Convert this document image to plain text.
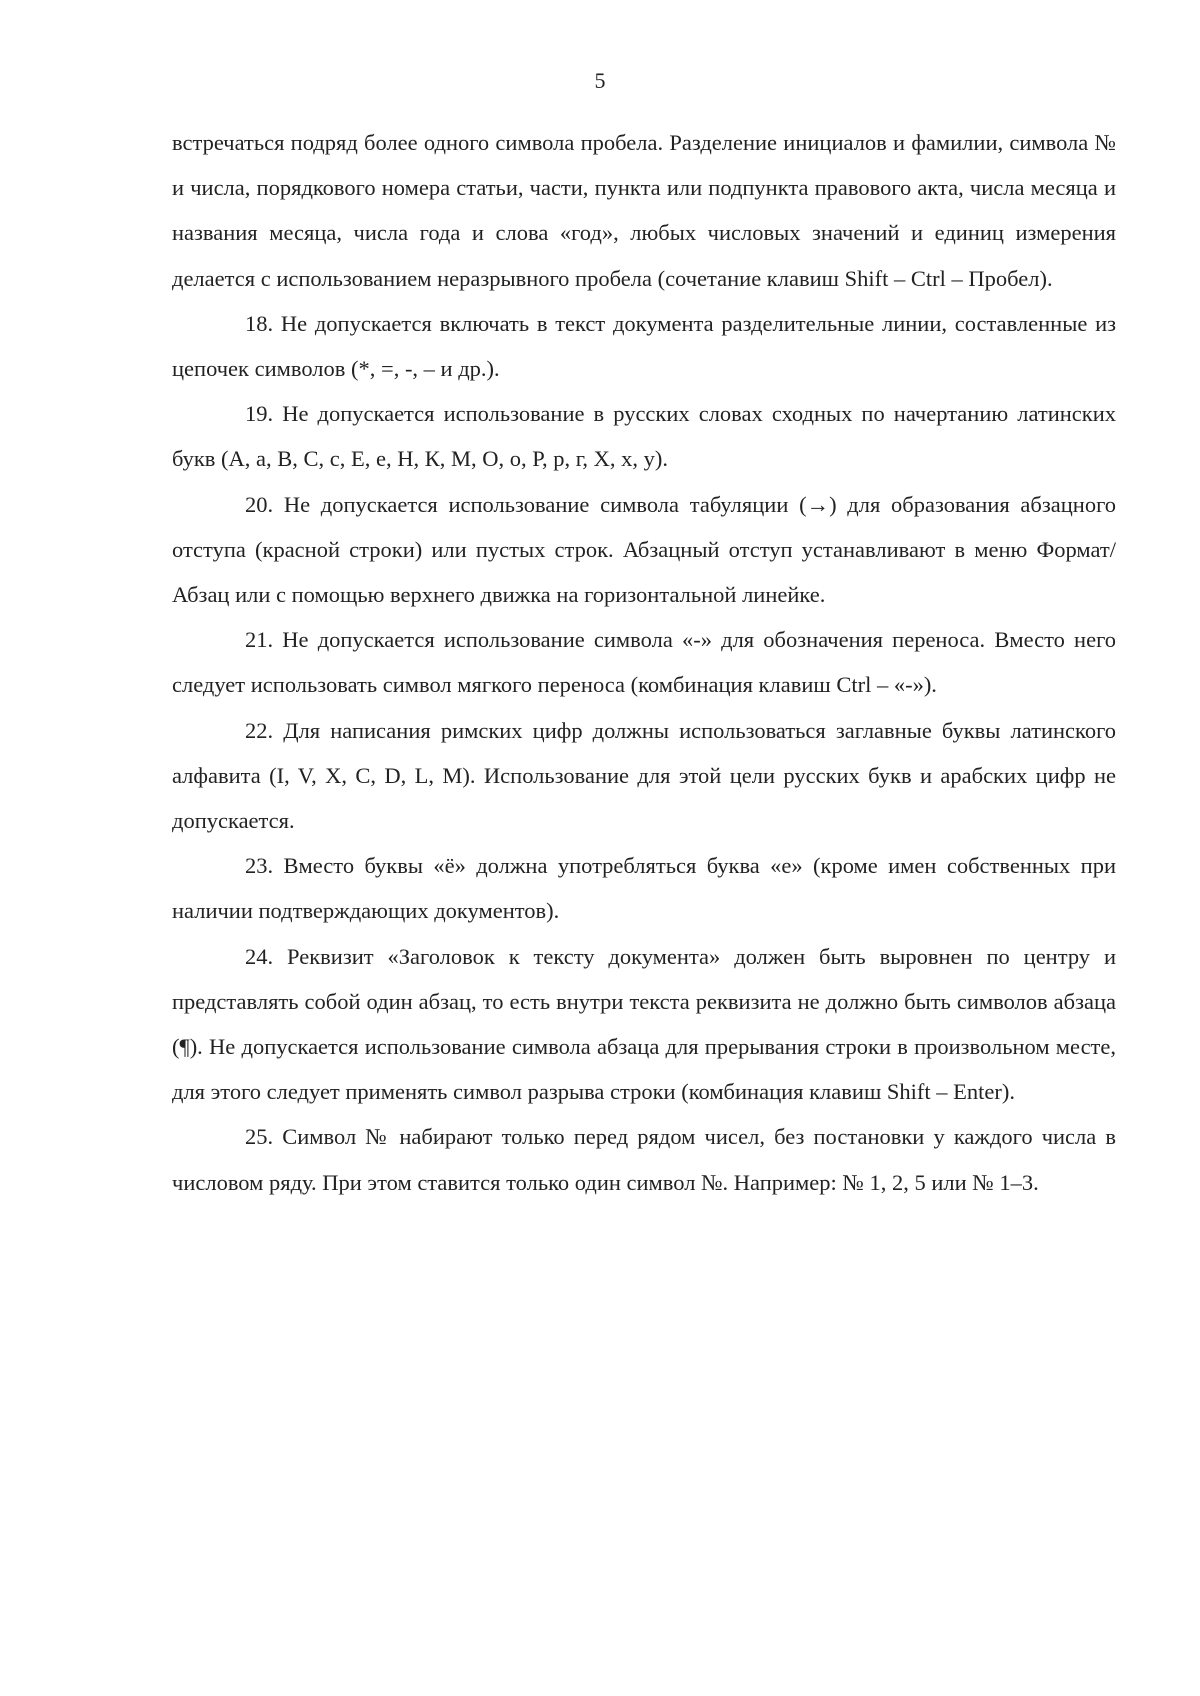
5

встречаться подряд более одного символа пробела. Разделение инициалов и фамилии, символа № и числа, порядкового номера статьи, части, пункта или подпункта правового акта, числа месяца и названия месяца, числа года и слова «год», любых числовых значений и единиц измерения делается с использованием неразрывного пробела (сочетание клавиш Shift – Ctrl – Пробел).

18. Не допускается включать в текст документа разделительные линии, составленные из цепочек символов (*, =, -, – и др.).

19. Не допускается использование в русских словах сходных по начертанию латинских букв (А, а, В, С, с, Е, е, Н, К, М, О, о, Р, р, г, Х, х, у).

20. Не допускается использование символа табуляции (→) для образования абзацного отступа (красной строки) или пустых строк. Абзацный отступ устанавливают в меню Формат/Абзац или с помощью верхнего движка на горизонтальной линейке.

21. Не допускается использование символа «-» для обозначения переноса. Вместо него следует использовать символ мягкого переноса (комбинация клавиш Ctrl – «-»).

22. Для написания римских цифр должны использоваться заглавные буквы латинского алфавита (I, V, X, C, D, L, M). Использование для этой цели русских букв и арабских цифр не допускается.

23. Вместо буквы «ё» должна употребляться буква «е» (кроме имен собственных при наличии подтверждающих документов).

24. Реквизит «Заголовок к тексту документа» должен быть выровнен по центру и представлять собой один абзац, то есть внутри текста реквизита не должно быть символов абзаца (¶). Не допускается использование символа абзаца для прерывания строки в произвольном месте, для этого следует применять символ разрыва строки (комбинация клавиш Shift – Enter).

25. Символ № набирают только перед рядом чисел, без постановки у каждого числа в числовом ряду. При этом ставится только один символ №. Например: № 1, 2, 5 или № 1–3.
